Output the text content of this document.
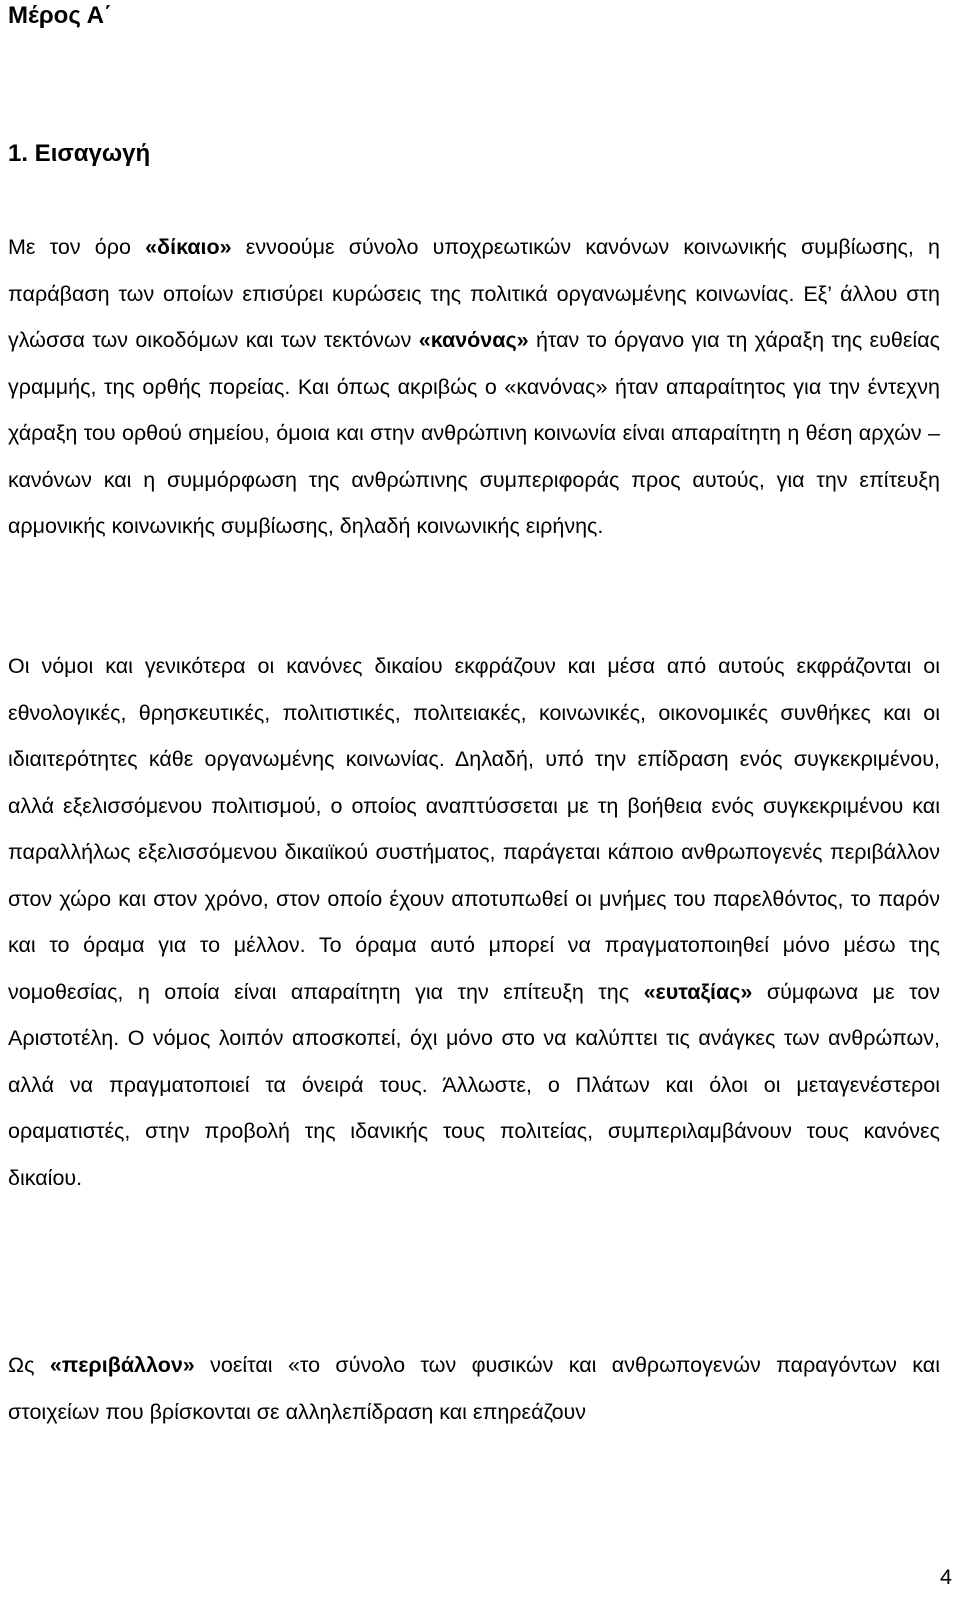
Μέρος Α΄
1. Εισαγωγή

Με τον όρο «δίκαιο» εννοούμε σύνολο υποχρεωτικών κανόνων κοινωνικής συμβίωσης, η παράβαση των οποίων επισύρει κυρώσεις της πολιτικά οργανωμένης κοινωνίας. Εξ’ άλλου στη γλώσσα των οικοδόμων και των τεκτόνων «κανόνας» ήταν το όργανο για τη χάραξη της ευθείας γραμμής, της ορθής πορείας. Και όπως ακριβώς ο «κανόνας» ήταν απαραίτητος για την έντεχνη χάραξη του ορθού σημείου, όμοια και στην ανθρώπινη κοινωνία είναι απαραίτητη η θέση αρχών – κανόνων και η συμμόρφωση της ανθρώπινης συμπεριφοράς προς αυτούς, για την επίτευξη αρμονικής κοινωνικής συμβίωσης, δηλαδή κοινωνικής ειρήνης.

Οι νόμοι και γενικότερα οι κανόνες δικαίου εκφράζουν και μέσα από αυτούς εκφράζονται οι εθνολογικές, θρησκευτικές, πολιτιστικές, πολιτειακές, κοινωνικές, οικονομικές συνθήκες και οι ιδιαιτερότητες κάθε οργανωμένης κοινωνίας. Δηλαδή, υπό την επίδραση ενός συγκεκριμένου, αλλά εξελισσόμενου πολιτισμού, ο οποίος αναπτύσσεται με τη βοήθεια ενός συγκεκριμένου και παραλλήλως εξελισσόμενου δικαιϊκού συστήματος, παράγεται κάποιο ανθρωπογενές περιβάλλον στον χώρο και στον χρόνο, στον οποίο έχουν αποτυπωθεί οι μνήμες του παρελθόντος, το παρόν και το όραμα για το μέλλον. Το όραμα αυτό μπορεί να πραγματοποιηθεί μόνο μέσω της νομοθεσίας, η οποία είναι απαραίτητη για την επίτευξη της «ευταξίας» σύμφωνα με τον Αριστοτέλη. Ο νόμος λοιπόν αποσκοπεί, όχι μόνο στο να καλύπτει τις ανάγκες των ανθρώπων, αλλά να πραγματοποιεί τα όνειρά τους. Άλλωστε, ο Πλάτων και όλοι οι μεταγενέστεροι οραματιστές, στην προβολή της ιδανικής τους πολιτείας, συμπεριλαμβάνουν τους κανόνες δικαίου.

Ως «περιβάλλον» νοείται «το σύνολο των φυσικών και ανθρωπογενών παραγόντων και στοιχείων που βρίσκονται σε αλληλεπίδραση και επηρεάζουν

4
